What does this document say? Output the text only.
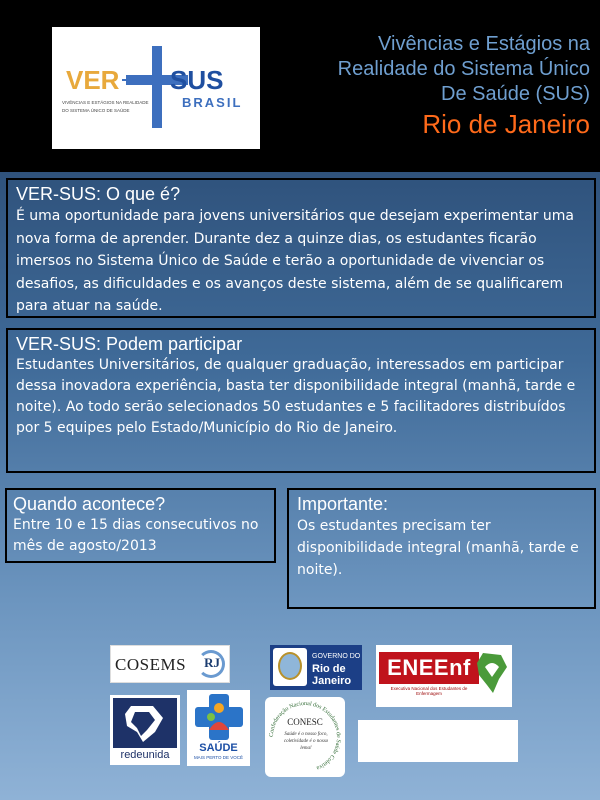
VER SUS
BRASIL
VIVÊNCIAS E ESTÁGIOS NA REALIDADE
DO SISTEMA ÚNICO DE SAÚDE
Vivências e Estágios na
Realidade do Sistema Único
De Saúde (SUS)
Rio de Janeiro
VER-SUS: O que é?

É uma oportunidade para jovens universitários que desejam experimentar uma nova forma de aprender. Durante dez a quinze dias, os estudantes ficarão imersos no Sistema Único de Saúde e terão a oportunidade de vivenciar os desafios, as dificuldades e os avanços deste sistema, além de se qualificarem para atuar na saúde.

VER-SUS: Podem participar

Estudantes Universitários, de qualquer graduação, interessados em participar dessa inovadora experiência, basta ter disponibilidade integral (manhã, tarde e noite). Ao todo serão selecionados 50 estudantes e 5 facilitadores distribuídos por 5 equipes pelo Estado/Município do Rio de Janeiro.

Quando acontece?

Entre 10 e 15 dias consecutivos no mês de agosto/2013

Importante:

Os estudantes precisam ter disponibilidade integral (manhã, tarde e noite).

COSEMS RJ	GOVERNO DO
Rio de
Janeiro
ENEEnf
Executiva Nacional dos Estudantes de Enfermagem
redeunida
SAÚDE
MAIS PERTO DE VOCÊ
Confederação Nacional dos Estudantes de Saúde Coletiva
CONESC
Saúde é o nosso foco, coletividade é o nosso lema!
